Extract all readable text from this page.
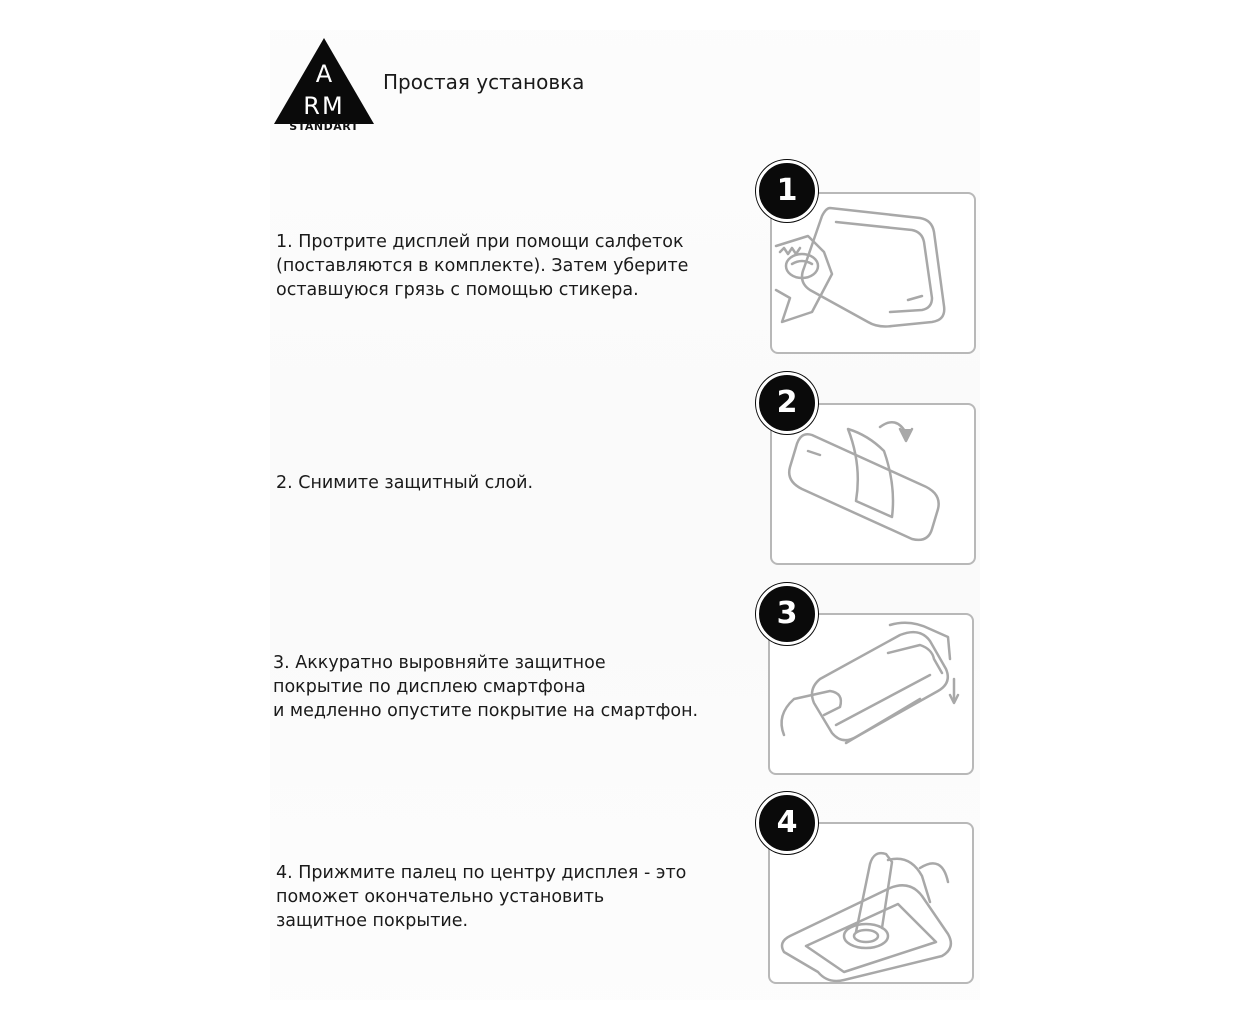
A
RM
STANDART
Простая установка
1. Протрите дисплей при помощи салфеток
(поставляются в комплекте). Затем уберите
оставшуюся грязь с помощью стикера.
1
2. Снимите защитный слой.
2
3. Аккуратно выровняйте защитное
покрытие по дисплею смартфона
и медленно опустите покрытие на смартфон.
3
4. Прижмите палец по центру дисплея - это
поможет окончательно установить
защитное покрытие.
4
